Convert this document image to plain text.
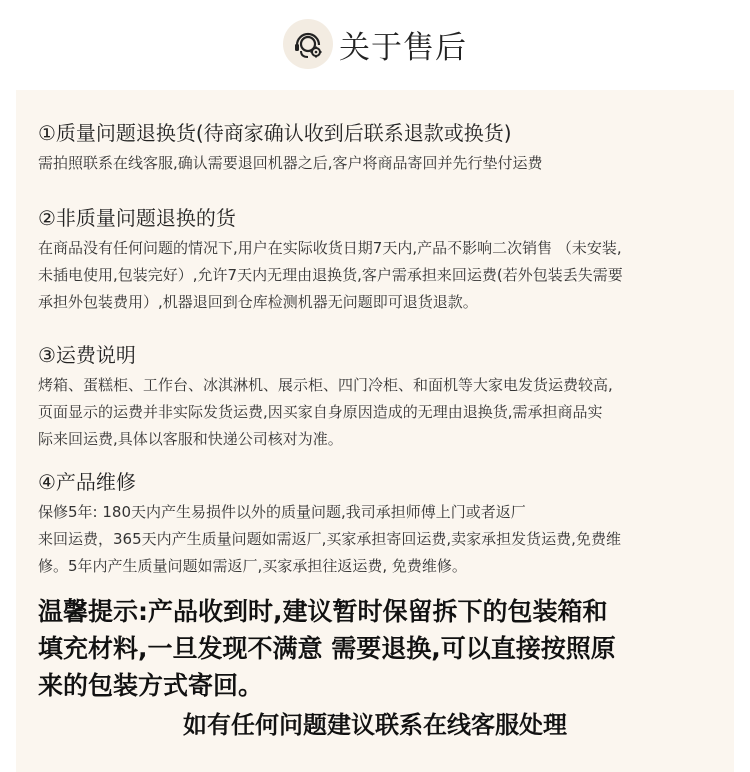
关于售后
①质量问题退换货(待商家确认收到后联系退款或换货)

需拍照联系在线客服,确认需要退回机器之后,客户将商品寄回并先行垫付运费

②非质量问题退换的货

在商品没有任何问题的情况下,用户在实际收货日期7天内,产品不影响二次销售 （未安装,

未插电使用,包装完好）,允许7天内无理由退换货,客户需承担来回运费(若外包装丢失需要

承担外包装费用）,机器退回到仓库检测机器无问题即可退货退款。

③运费说明

烤箱、蛋糕柜、工作台、冰淇淋机、展示柜、四门冷柜、和面机等大家电发货运费较高,

页面显示的运费并非实际发货运费,因买家自身原因造成的无理由退换货,需承担商品实

际来回运费,具体以客服和快递公司核对为准。

④产品维修

保修5年: 180天内产生易损件以外的质量问题,我司承担师傅上门或者返厂

来回运费，365天内产生质量问题如需返厂,买家承担寄回运费,卖家承担发货运费,免费维

修。5年内产生质量问题如需返厂,买家承担往返运费, 免费维修。

温馨提示:产品收到时,建议暂时保留拆下的包装箱和

填充材料,一旦发现不满意 需要退换,可以直接按照原

来的包装方式寄回。

如有任何问题建议联系在线客服处理
